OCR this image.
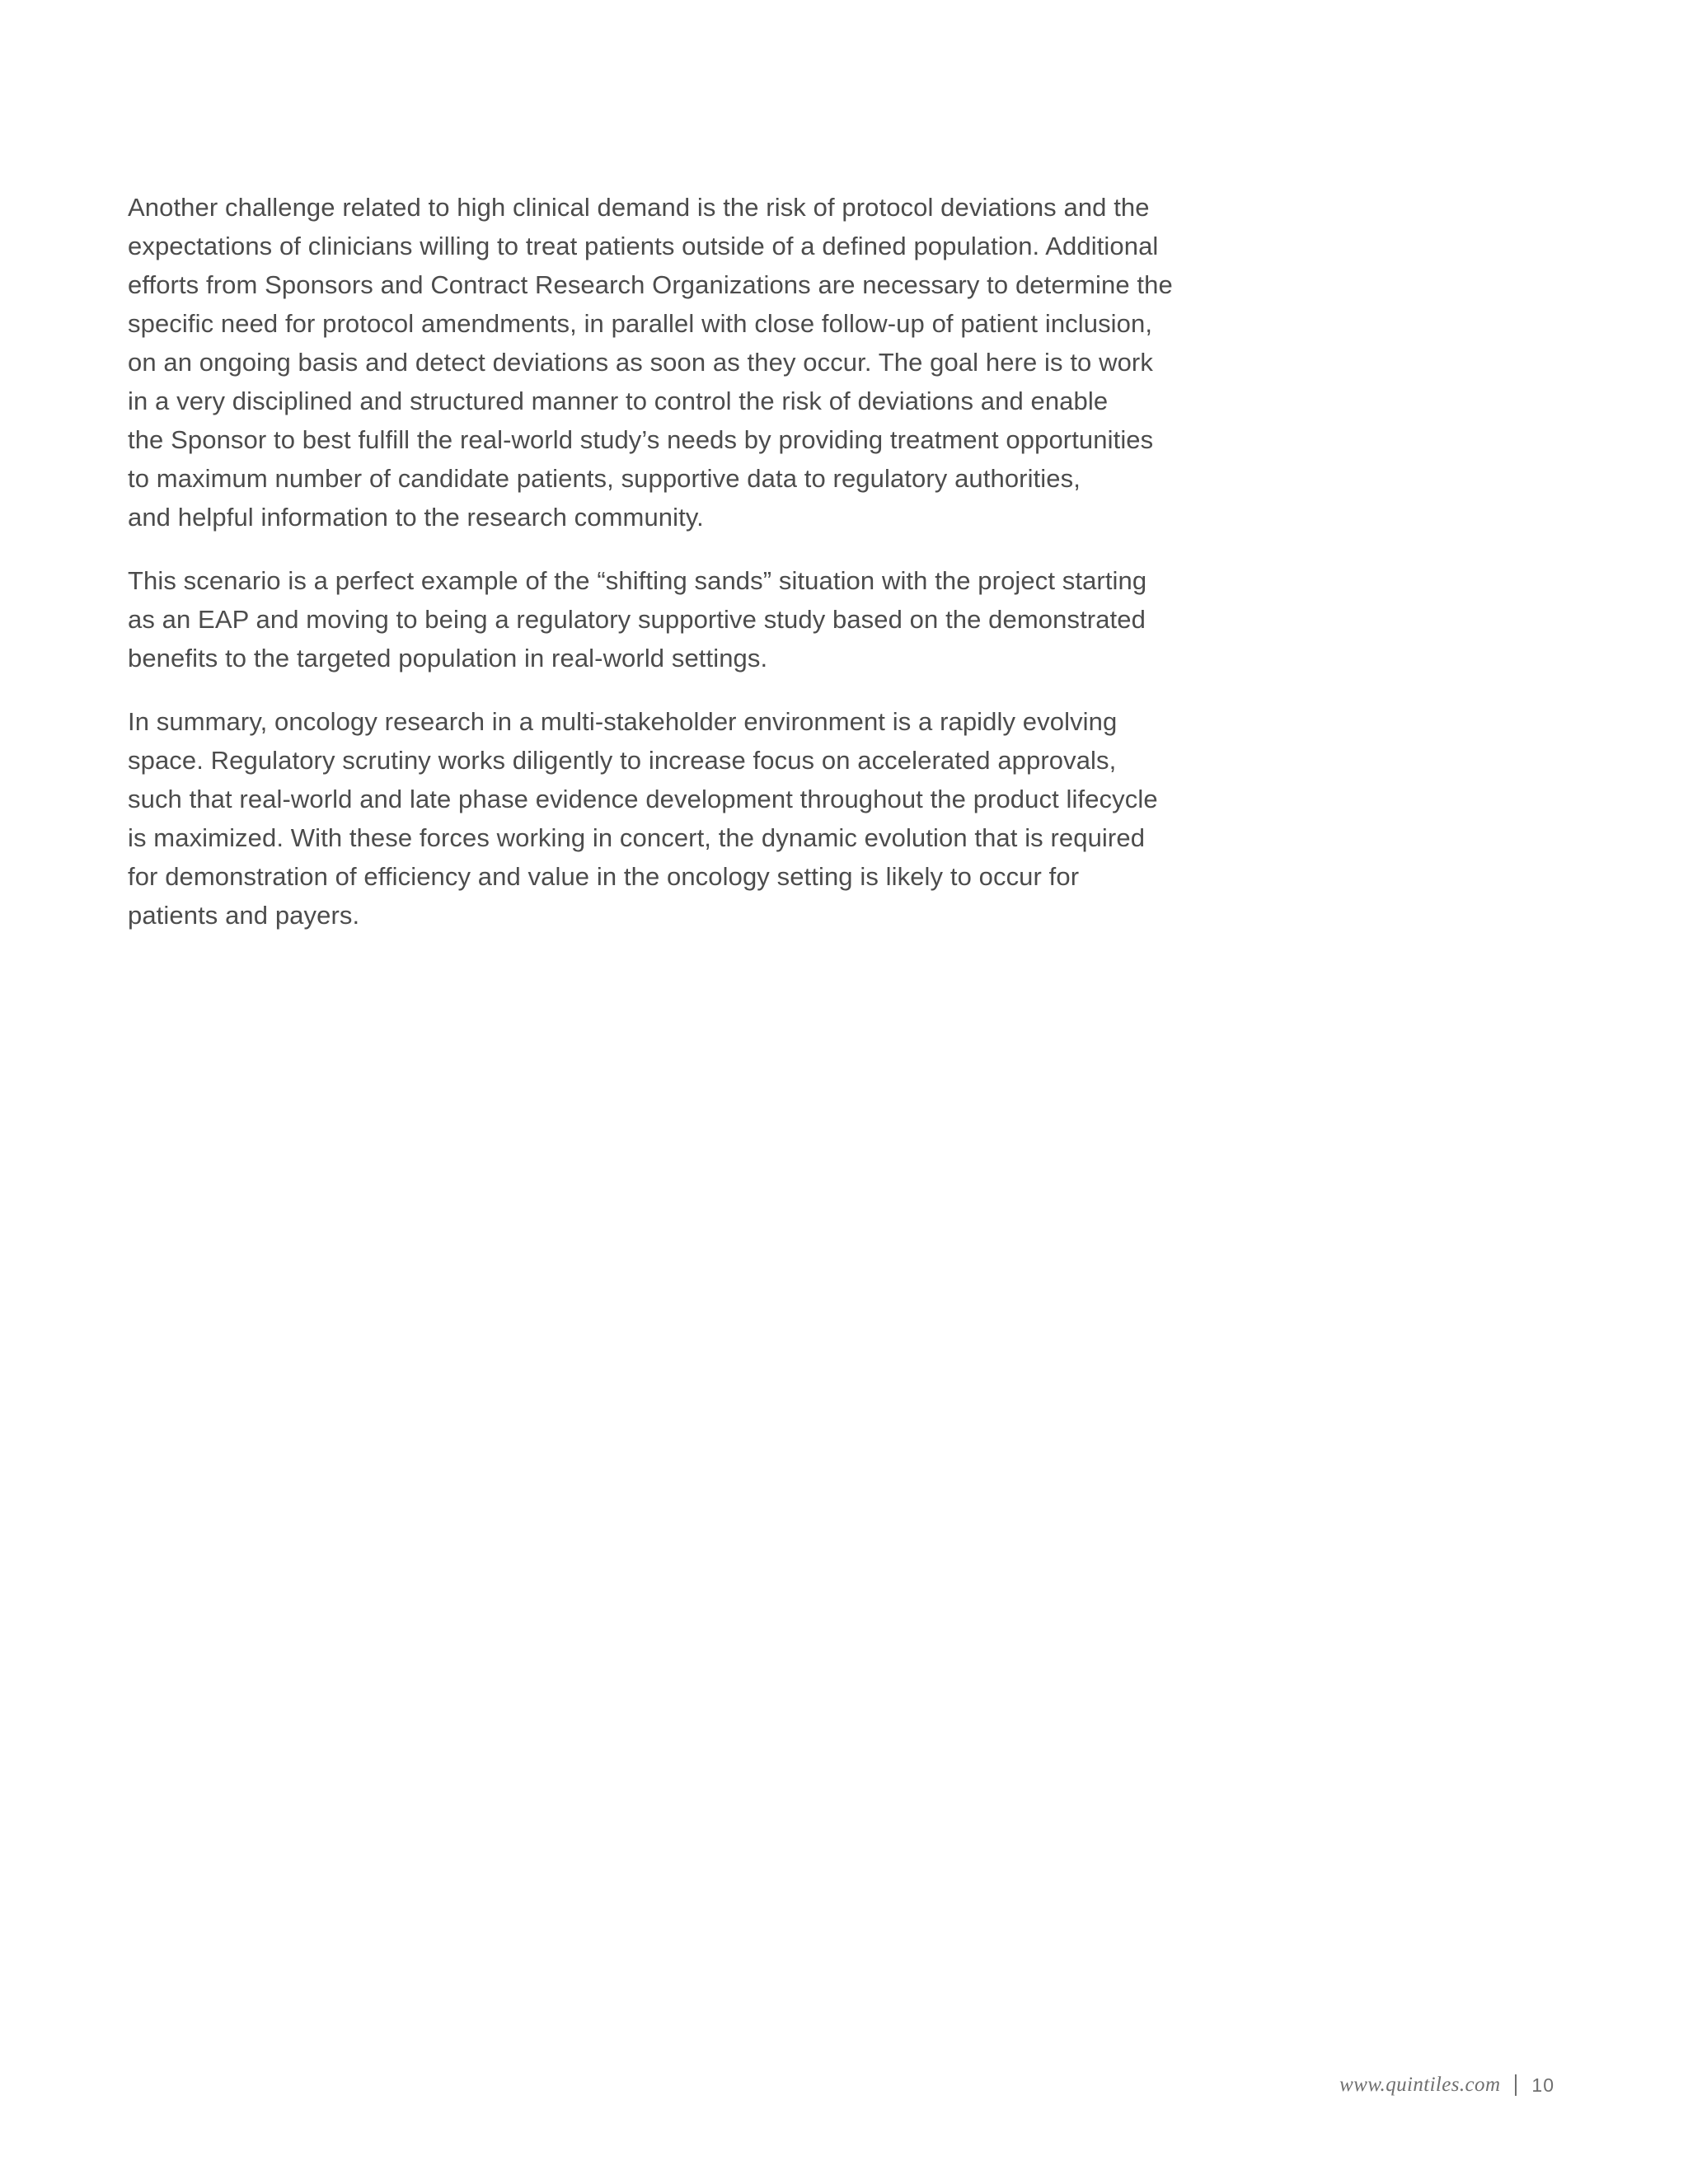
Another challenge related to high clinical demand is the risk of protocol deviations and the
expectations of clinicians willing to treat patients outside of a defined population. Additional
efforts from Sponsors and Contract Research Organizations are necessary to determine the
specific need for protocol amendments, in parallel with close follow-up of patient inclusion,
on an ongoing basis and detect deviations as soon as they occur. The goal here is to work
in a very disciplined and structured manner to control the risk of deviations and enable
the Sponsor to best fulfill the real-world study’s needs by providing treatment opportunities
to maximum number of candidate patients, supportive data to regulatory authorities,
and helpful information to the research community.

This scenario is a perfect example of the “shifting sands” situation with the project starting
as an EAP and moving to being a regulatory supportive study based on the demonstrated
benefits to the targeted population in real-world settings.

In summary, oncology research in a multi-stakeholder environment is a rapidly evolving
space. Regulatory scrutiny works diligently to increase focus on accelerated approvals,
such that real-world and late phase evidence development throughout the product lifecycle
is maximized. With these forces working in concert, the dynamic evolution that is required
for demonstration of efficiency and value in the oncology setting is likely to occur for
patients and payers.

www.quintiles.com 10
